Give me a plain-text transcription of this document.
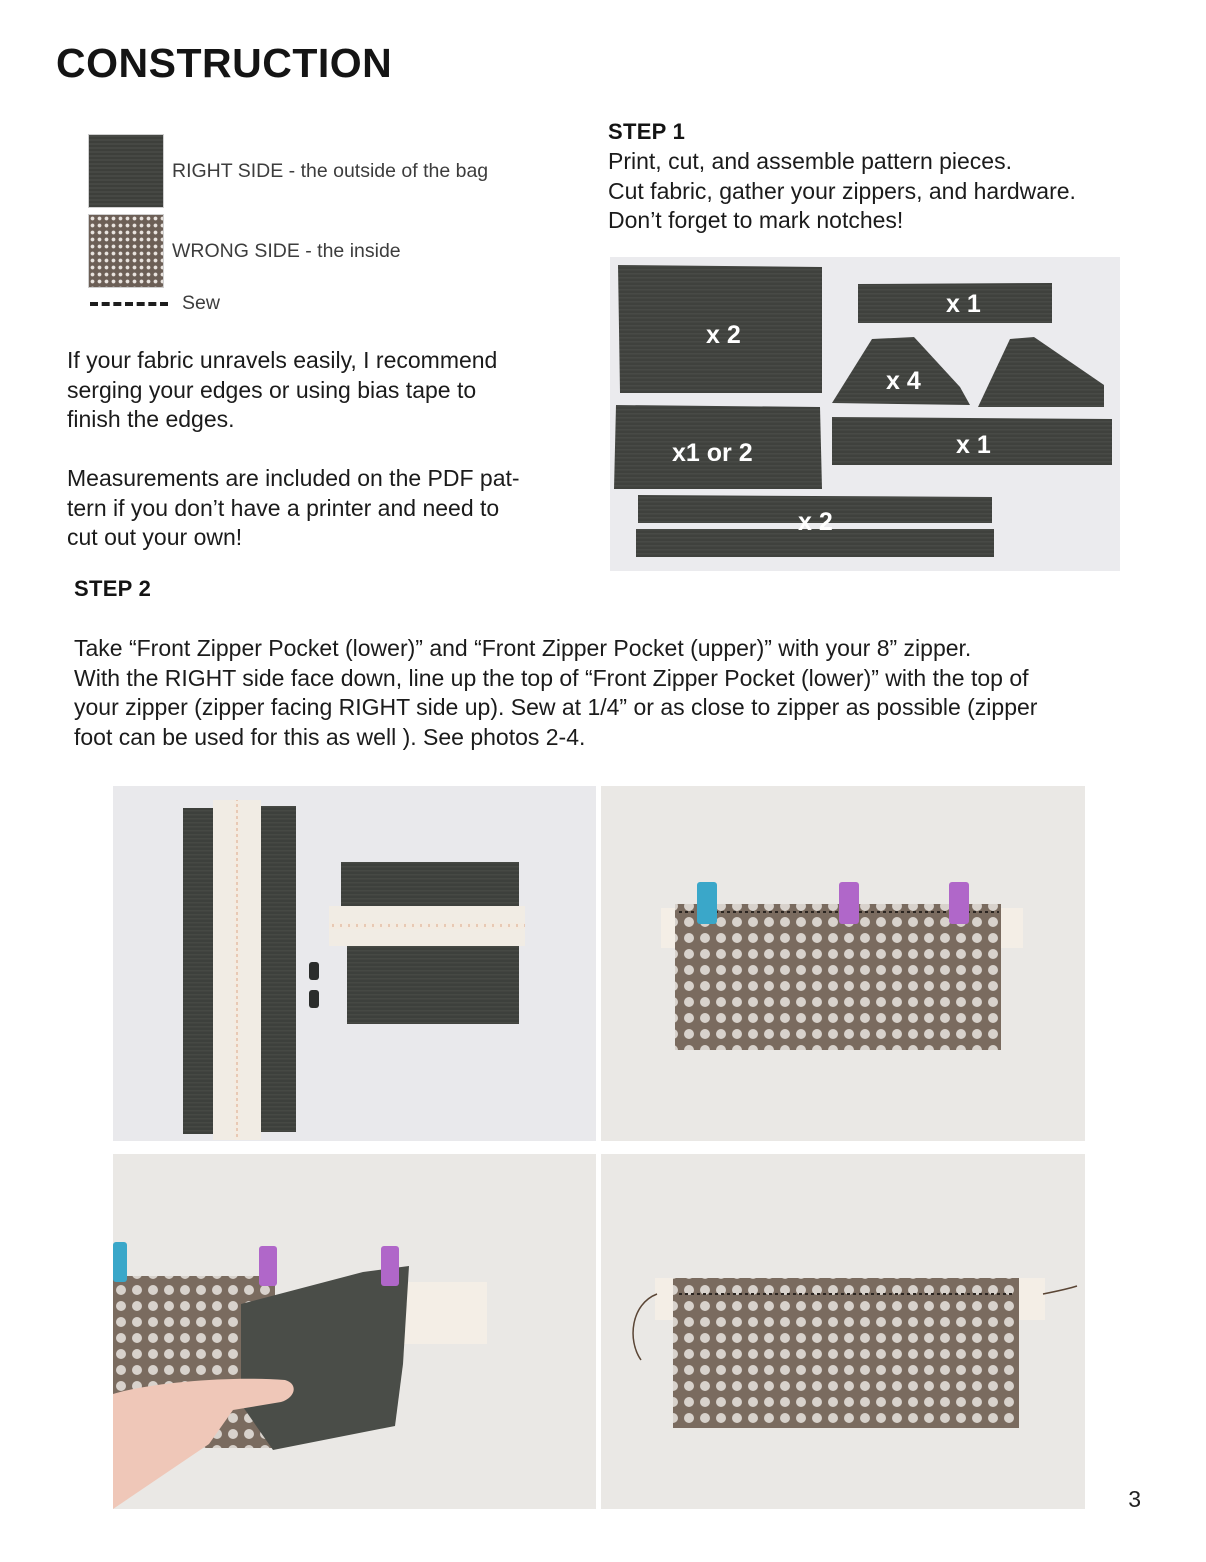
CONSTRUCTION
RIGHT SIDE - the outside of the bag
WRONG SIDE - the inside
Sew
If your fabric unravels easily, I recommend
serging your edges or using bias tape to
finish the edges.
Measurements are included on the PDF pat-
tern if you don’t have a printer and need to
cut out your own!
STEP 1
Print, cut, and assemble pattern pieces.
Cut fabric, gather your zippers, and hardware.
Don’t forget to mark notches!
x 2
x 1
x 4
x1 or 2	x 1
x 2
STEP 2
Take “Front Zipper Pocket (lower)” and “Front Zipper Pocket (upper)” with your 8” zipper.
With the RIGHT side face down, line up the top of “Front Zipper Pocket (lower)” with the top of
your zipper (zipper facing RIGHT side up). Sew at 1/4” or as close to zipper as possible (zipper
foot can be used for this as well ). See photos 2-4.
3
